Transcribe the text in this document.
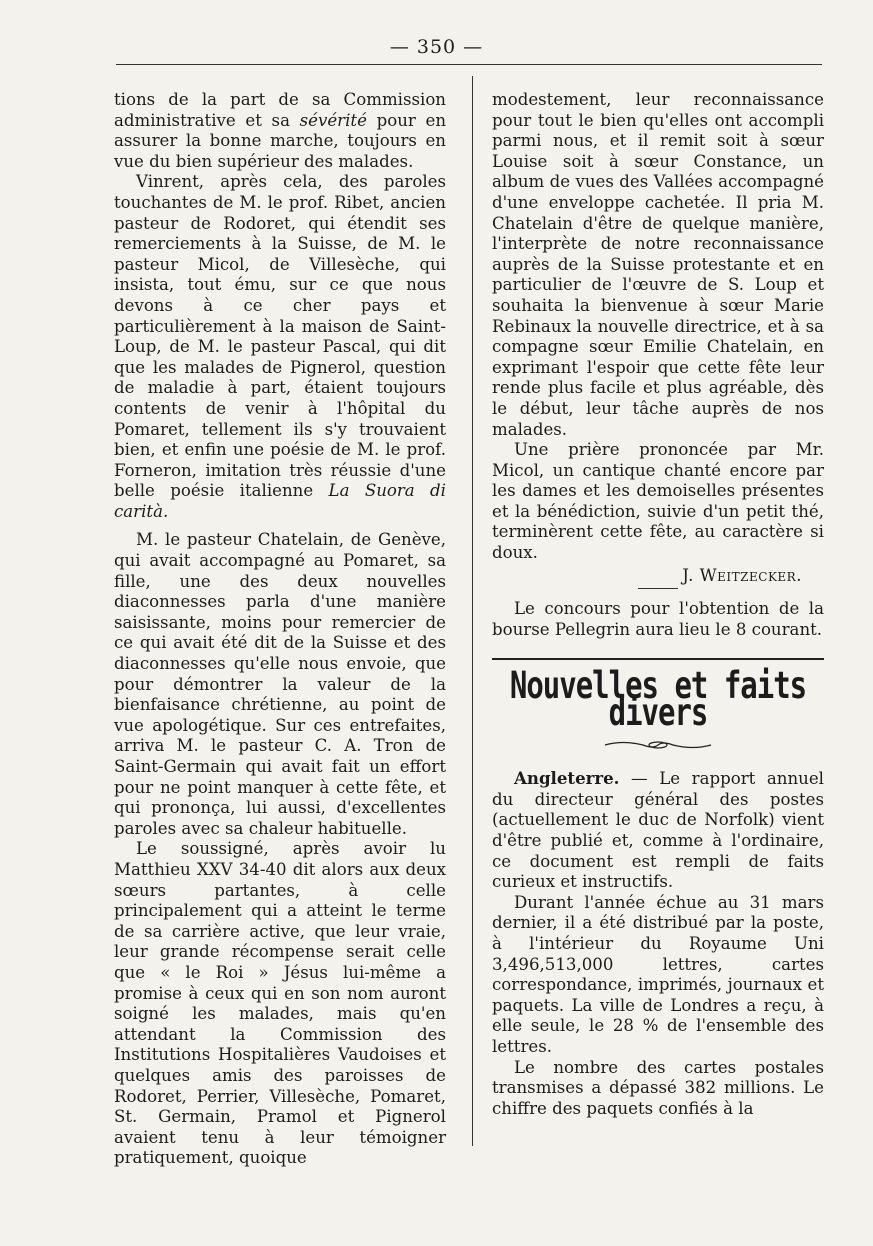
— 350 —

tions de la part de sa Commission administrative et sa sévérité pour en assurer la bonne marche, toujours en vue du bien supérieur des malades.

Vinrent, après cela, des paroles touchantes de M. le prof. Ribet, ancien pasteur de Rodoret, qui étendit ses remerciements à la Suisse, de M. le pasteur Micol, de Villesèche, qui insista, tout ému, sur ce que nous devons à ce cher pays et particulièrement à la maison de Saint-Loup, de M. le pasteur Pascal, qui dit que les malades de Pignerol, question de maladie à part, étaient toujours contents de venir à l'hôpital du Pomaret, tellement ils s'y trouvaient bien, et enfin une poésie de M. le prof. Forneron, imitation très réussie d'une belle poésie italienne La Suora di carità.

M. le pasteur Chatelain, de Genève, qui avait accompagné au Pomaret, sa fille, une des deux nouvelles diaconnesses parla d'une manière saisissante, moins pour remercier de ce qui avait été dit de la Suisse et des diaconnesses qu'elle nous envoie, que pour démontrer la valeur de la bienfaisance chrétienne, au point de vue apologétique. Sur ces entrefaites, arriva M. le pasteur C. A. Tron de Saint-Germain qui avait fait un effort pour ne point manquer à cette fête, et qui prononça, lui aussi, d'excellentes paroles avec sa chaleur habituelle.

Le soussigné, après avoir lu Matthieu XXV 34-40 dit alors aux deux sœurs partantes, à celle principalement qui a atteint le terme de sa carrière active, que leur vraie, leur grande récompense serait celle que « le Roi » Jésus lui-même a promise à ceux qui en son nom auront soigné les malades, mais qu'en attendant la Commission des Institutions Hospitalières Vaudoises et quelques amis des paroisses de Rodoret, Perrier, Villesèche, Pomaret, St. Germain, Pramol et Pignerol avaient tenu à leur témoigner pratiquement, quoique

modestement, leur reconnaissance pour tout le bien qu'elles ont accompli parmi nous, et il remit soit à sœur Louise soit à sœur Constance, un album de vues des Vallées accompagné d'une enveloppe cachetée. Il pria M. Chatelain d'être de quelque manière, l'interprète de notre reconnaissance auprès de la Suisse protestante et en particulier de l'œuvre de S. Loup et souhaita la bienvenue à sœur Marie Rebinaux la nouvelle directrice, et à sa compagne sœur Emilie Chatelain, en exprimant l'espoir que cette fête leur rende plus facile et plus agréable, dès le début, leur tâche auprès de nos malades.

Une prière prononcée par Mr. Micol, un cantique chanté encore par les dames et les demoiselles présentes et la bénédiction, suivie d'un petit thé, terminèrent cette fête, au caractère si doux.

J. Weitzecker.

Le concours pour l'obtention de la bourse Pellegrin aura lieu le 8 courant.

Nouvelles et faits divers

Angleterre. — Le rapport annuel du directeur général des postes (actuellement le duc de Norfolk) vient d'être publié et, comme à l'ordinaire, ce document est rempli de faits curieux et instructifs.

Durant l'année échue au 31 mars dernier, il a été distribué par la poste, à l'intérieur du Royaume Uni 3,496,513,000 lettres, cartes correspondance, imprimés, journaux et paquets. La ville de Londres a reçu, à elle seule, le 28 % de l'ensemble des lettres.

Le nombre des cartes postales transmises a dépassé 382 millions. Le chiffre des paquets confiés à la
